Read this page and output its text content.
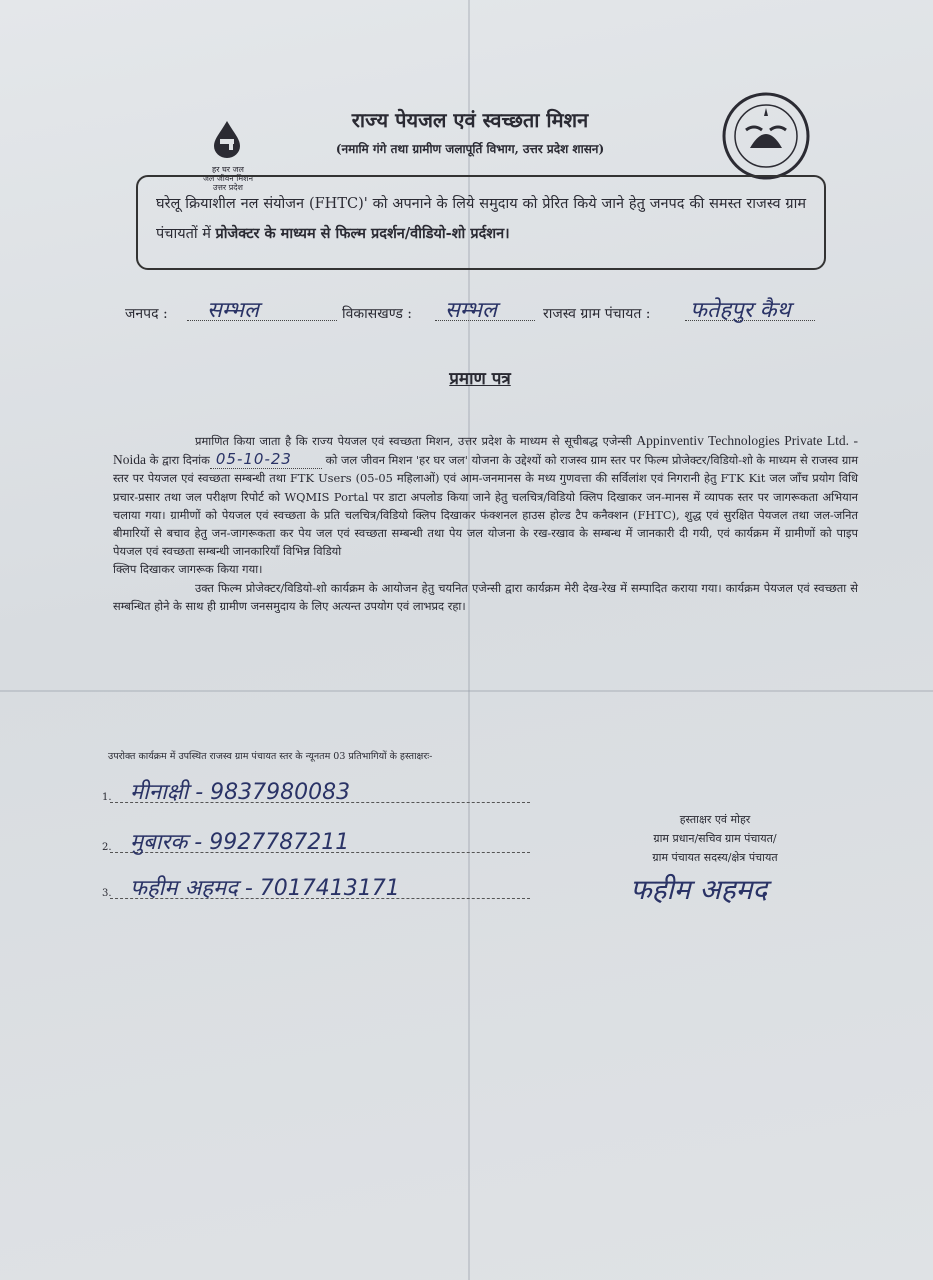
हर घर जल
जल जीवन मिशन
उत्तर प्रदेश
राज्य पेयजल एवं स्वच्छता मिशन
(नमामि गंगे तथा ग्रामीण जलापूर्ति विभाग, उत्तर प्रदेश शासन)
घरेलू क्रियाशील नल संयोजन (FHTC)' को अपनाने के लिये समुदाय को प्रेरित किये जाने हेतु जनपद की समस्त राजस्व ग्राम पंचायतों में प्रोजेक्टर के माध्यम से फिल्म प्रदर्शन/वीडियो-शो प्रर्दशन।
जनपद : सम्भल	विकासखण्ड : सम्भल	राजस्व ग्राम पंचायत : फतेहपुर कैथ
प्रमाण पत्र
प्रमाणित किया जाता है कि राज्य पेयजल एवं स्वच्छता मिशन, उत्तर प्रदेश के माध्यम से सूचीबद्ध एजेन्सी Appinventiv Technologies Private Ltd. - Noida के द्वारा दिनांक 05-10-23	को जल जीवन मिशन 'हर घर जल' योजना के उद्देश्यों को राजस्व ग्राम स्तर पर फिल्म प्रोजेक्टर/विडियो-शो के माध्यम से राजस्व ग्राम स्तर पर पेयजल एवं स्वच्छता सम्बन्धी तथा FTK Users (05-05 महिलाओं) एवं आम-जनमानस के मध्य गुणवत्ता की सर्विलांश एवं निगरानी हेतु FTK Kit जल जाँच प्रयोग विधि प्रचार-प्रसार तथा जल परीक्षण रिपोर्ट को WQMIS Portal पर डाटा अपलोड किया जाने हेतु चलचित्र/विडियो क्लिप दिखाकर जन-मानस में व्यापक स्तर पर जागरूकता अभियान चलाया गया। ग्रामीणों को पेयजल एवं स्वच्छता के प्रति चलचित्र/विडियो क्लिप दिखाकर फंक्शनल हाउस होल्ड टैप कनैक्शन (FHTC), शुद्ध एवं सुरक्षित पेयजल तथा जल-जनित बीमारियों से बचाव हेतु जन-जागरूकता कर पेय जल एवं स्वच्छता सम्बन्धी तथा पेय जल योजना के रख-रखाव के सम्बन्ध में जानकारी दी गयी, एवं कार्यक्रम में ग्रामीणों को पाइप पेयजल एवं स्वच्छता सम्बन्धी जानकारियाँ विभिन्न विडियो
क्लिप दिखाकर जागरूक किया गया।
उक्त फिल्म प्रोजेक्टर/विडियो-शो कार्यक्रम के आयोजन हेतु चयनित एजेन्सी द्वारा कार्यक्रम मेरी देख-रेख में सम्पादित कराया गया। कार्यक्रम पेयजल एवं स्वच्छता से सम्बन्धित होने के साथ ही ग्रामीण जनसमुदाय के लिए अत्यन्त उपयोग एवं लाभप्रद रहा।
उपरोक्त कार्यक्रम में उपस्थित राजस्व ग्राम पंचायत स्तर के न्यूनतम 03 प्रतिभागियों के हस्ताक्षरः-
1. मीनाक्षी - 9837980083
2. मुबारक - 9927787211
3. फहीम अहमद - 7017413171
हस्ताक्षर एवं मोहर
ग्राम प्रधान/सचिव ग्राम पंचायत/
ग्राम पंचायत सदस्य/क्षेत्र पंचायत
फहीम अहमद
